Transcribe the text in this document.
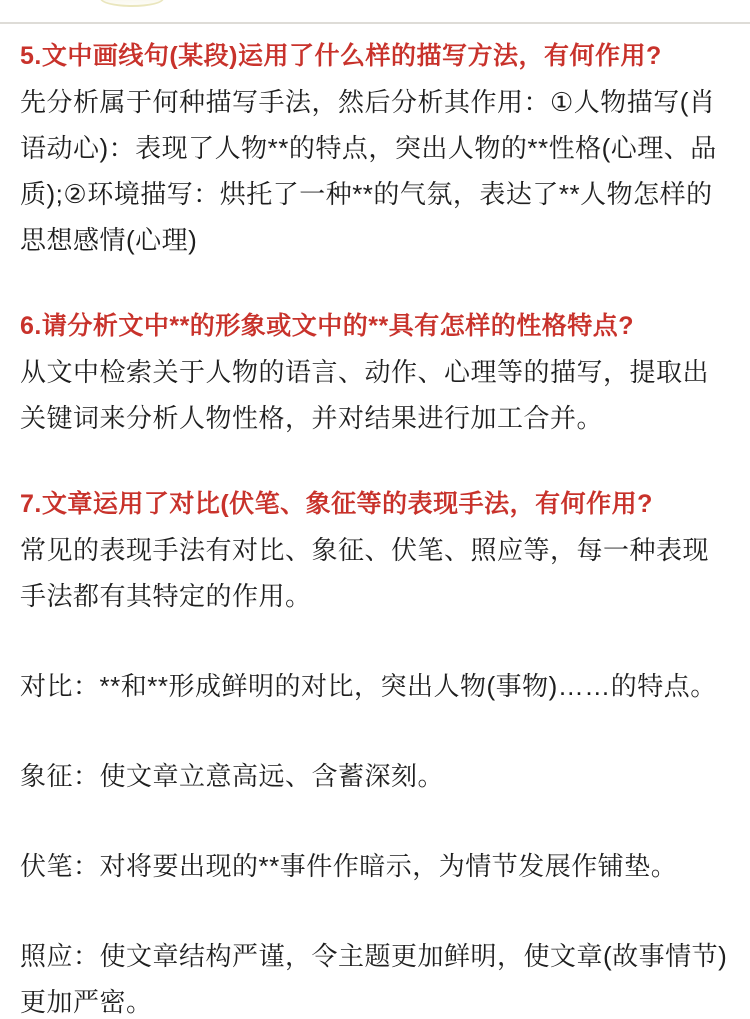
5.文中画线句(某段)运用了什么样的描写方法，有何作用?
先分析属于何种描写手法，然后分析其作用：①人物描写(肖语动心)：表现了人物**的特点，突出人物的**性格(心理、品质);②环境描写：烘托了一种**的气氛，表达了**人物怎样的思想感情(心理)
6.请分析文中**的形象或文中的**具有怎样的性格特点?
从文中检索关于人物的语言、动作、心理等的描写，提取出关键词来分析人物性格，并对结果进行加工合并。
7.文章运用了对比(伏笔、象征等的表现手法，有何作用?
常见的表现手法有对比、象征、伏笔、照应等，每一种表现手法都有其特定的作用。
对比：**和**形成鲜明的对比，突出人物(事物)……的特点。
象征：使文章立意高远、含蓄深刻。
伏笔：对将要出现的**事件作暗示，为情节发展作铺垫。
照应：使文章结构严谨，令主题更加鲜明，使文章(故事情节)更加严密。
